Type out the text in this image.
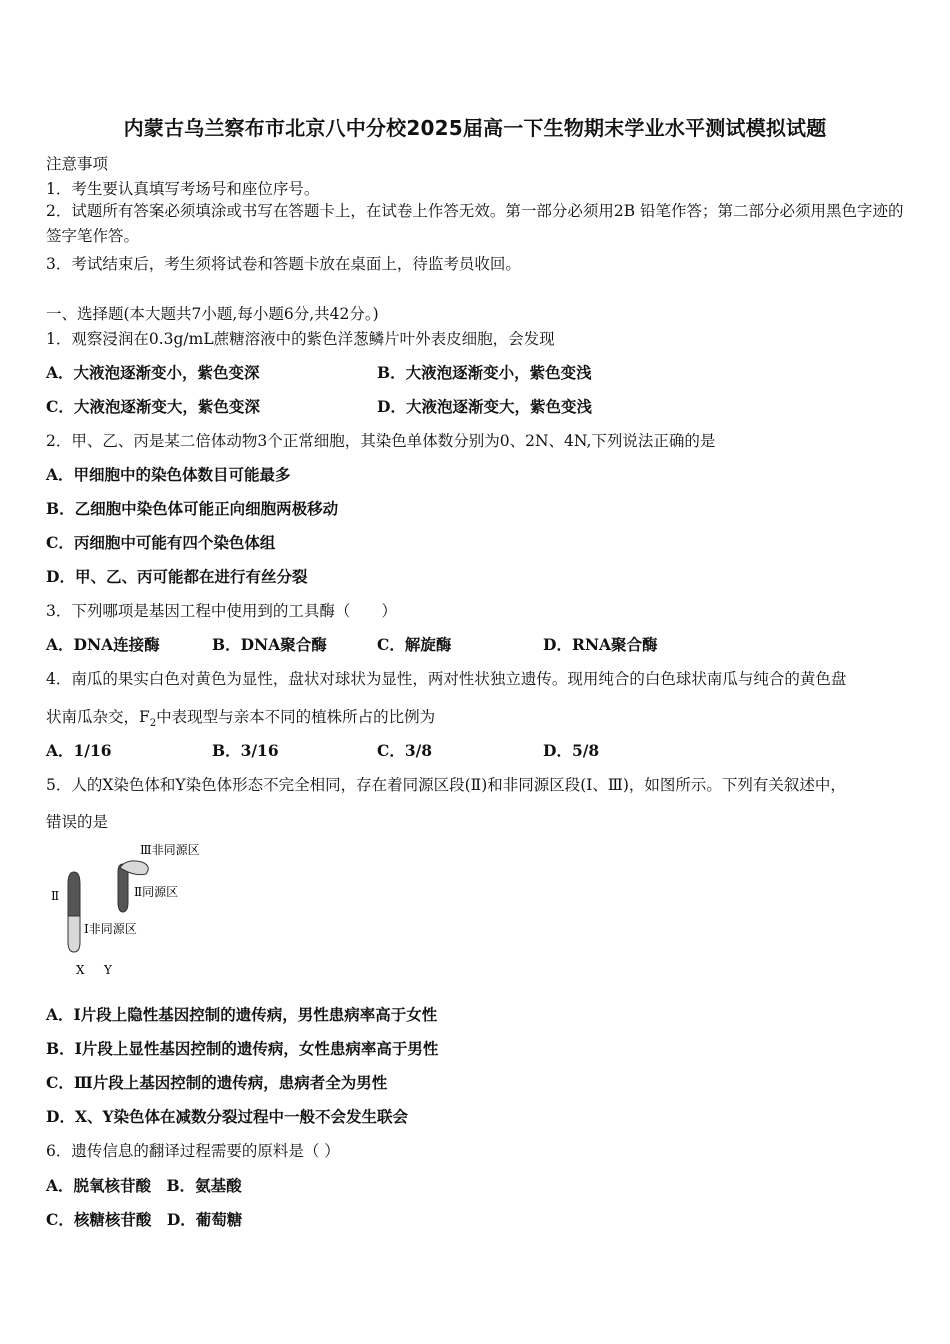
内蒙古乌兰察布市北京八中分校2025届高一下生物期末学业水平测试模拟试题
注意事项
1．考生要认真填写考场号和座位序号。
2．试题所有答案必须填涂或书写在答题卡上，在试卷上作答无效。第一部分必须用2B 铅笔作答；第二部分必须用黑色字迹的签字笔作答。
3．考试结束后，考生须将试卷和答题卡放在桌面上，待监考员收回。
一、选择题(本大题共7小题,每小题6分,共42分。)
1．观察浸润在0.3g/mL蔗糖溶液中的紫色洋葱鳞片叶外表皮细胞，会发现
A．大液泡逐渐变小，紫色变深	B．大液泡逐渐变小，紫色变浅
C．大液泡逐渐变大，紫色变深	D．大液泡逐渐变大，紫色变浅
2．甲、乙、丙是某二倍体动物3个正常细胞，其染色单体数分别为0、2N、4N,下列说法正确的是
A．甲细胞中的染色体数目可能最多
B．乙细胞中染色体可能正向细胞两极移动
C．丙细胞中可能有四个染色体组
D．甲、乙、丙可能都在进行有丝分裂
3．下列哪项是基因工程中使用到的工具酶（　　）
A．DNA连接酶	B．DNA聚合酶	C．解旋酶	D．RNA聚合酶
4．南瓜的果实白色对黄色为显性，盘状对球状为显性，两对性状独立遗传。现用纯合的白色球状南瓜与纯合的黄色盘
状南瓜杂交，$F_2$中表现型与亲本不同的植株所占的比例为
A．1/16	B．3/16	C．3/8	D．5/8
5．人的X染色体和Y染色体形态不完全相同，存在着同源区段(Ⅱ)和非同源区段(Ⅰ、Ⅲ)，如图所示。下列有关叙述中，
错误的是
Ⅲ非同源区
Ⅱ	Ⅱ同源区
Ⅰ非同源区
X Y
A．Ⅰ片段上隐性基因控制的遗传病，男性患病率高于女性
B．Ⅰ片段上显性基因控制的遗传病，女性患病率高于男性
C．Ⅲ片段上基因控制的遗传病，患病者全为男性
D．X、Y染色体在减数分裂过程中一般不会发生联会
6．遗传信息的翻译过程需要的原料是（ ）
A．脱氧核苷酸　B．氨基酸
C．核糖核苷酸　D．葡萄糖
